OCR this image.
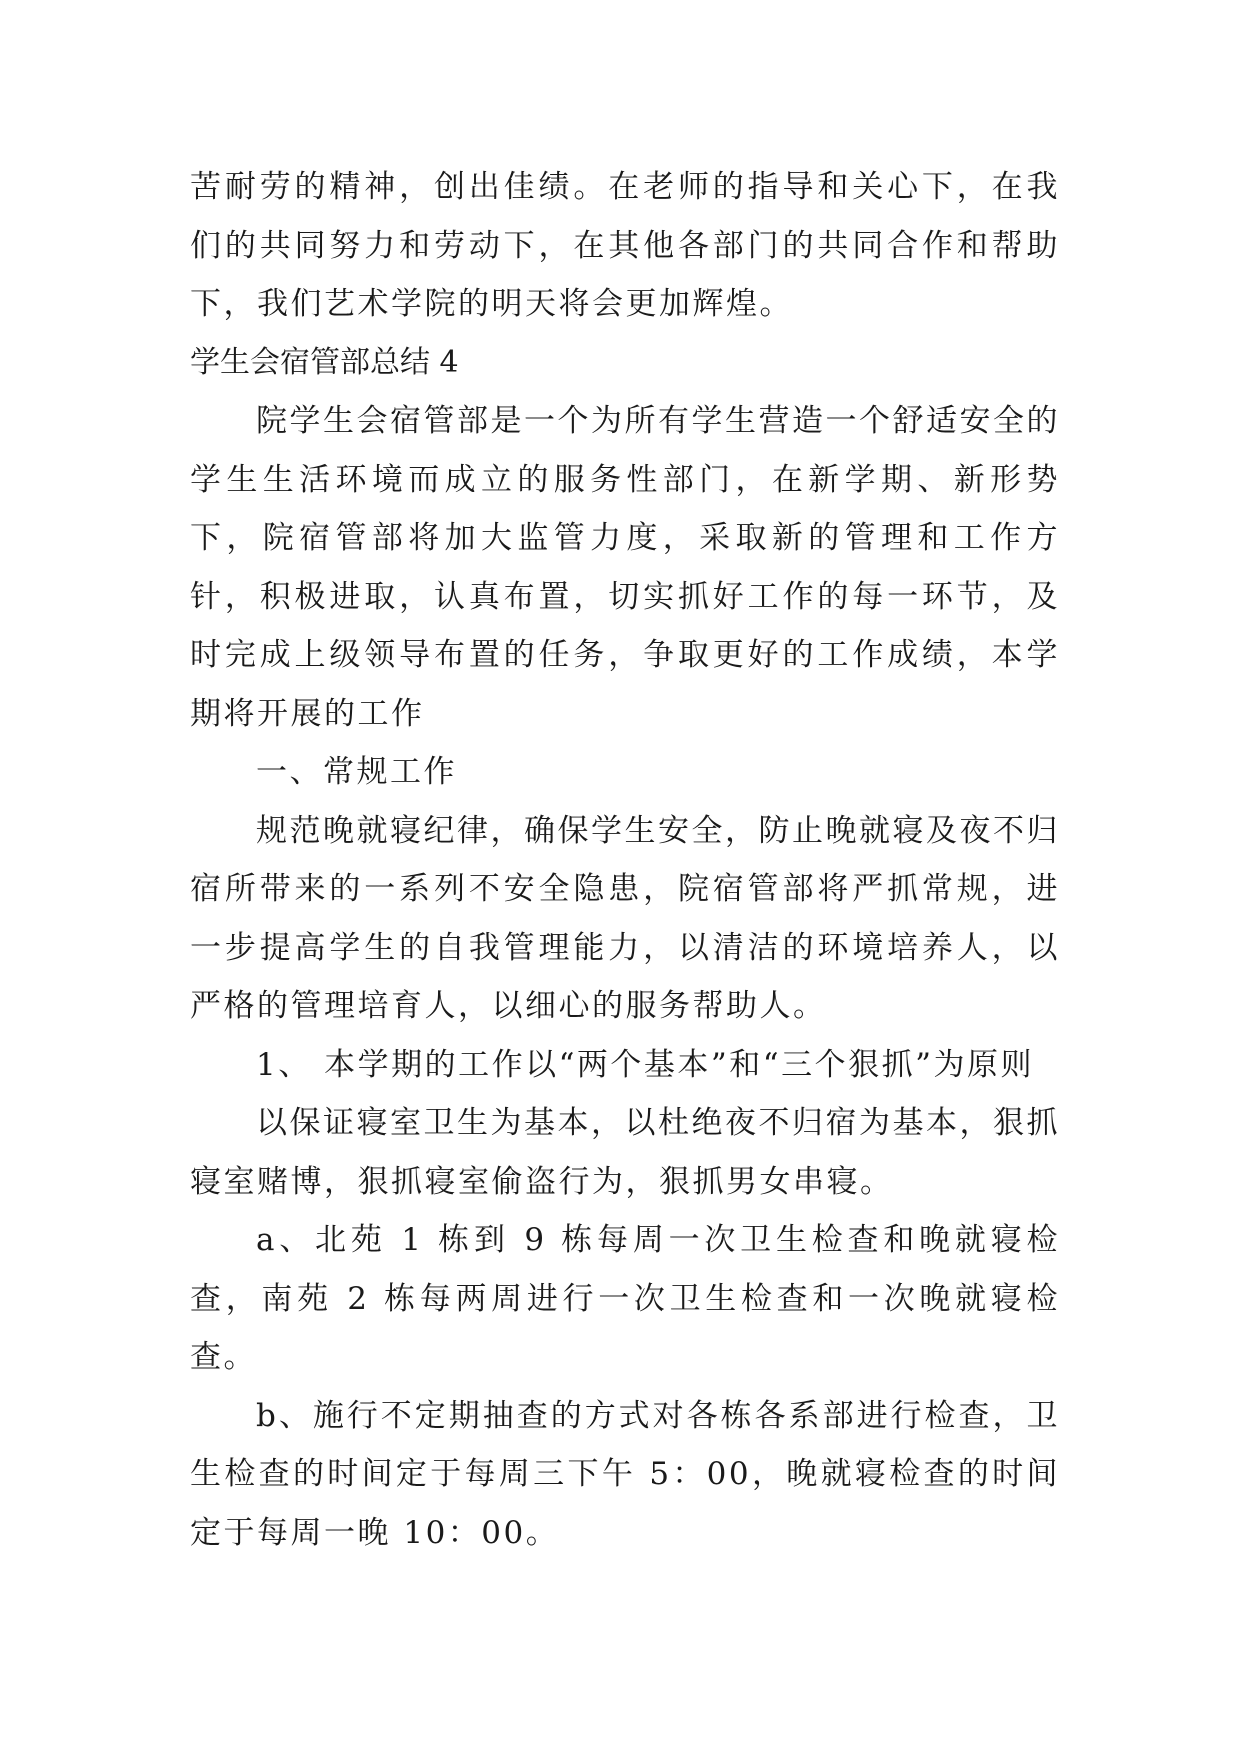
苦耐劳的精神，创出佳绩。在老师的指导和关心下，在我们的共同努力和劳动下，在其他各部门的共同合作和帮助下，我们艺术学院的明天将会更加辉煌。

学生会宿管部总结 4

院学生会宿管部是一个为所有学生营造一个舒适安全的学生生活环境而成立的服务性部门，在新学期、新形势下，院宿管部将加大监管力度，采取新的管理和工作方针，积极进取，认真布置，切实抓好工作的每一环节，及时完成上级领导布置的任务，争取更好的工作成绩，本学期将开展的工作

一、常规工作

规范晚就寝纪律，确保学生安全，防止晚就寝及夜不归宿所带来的一系列不安全隐患，院宿管部将严抓常规，进一步提高学生的自我管理能力，以清洁的环境培养人，以严格的管理培育人，以细心的服务帮助人。

1、 本学期的工作以“两个基本”和“三个狠抓”为原则

以保证寝室卫生为基本，以杜绝夜不归宿为基本，狠抓寝室赌博，狠抓寝室偷盗行为，狠抓男女串寝。

a、北苑 1 栋到 9 栋每周一次卫生检查和晚就寝检查，南苑 2 栋每两周进行一次卫生检查和一次晚就寝检查。

b、施行不定期抽查的方式对各栋各系部进行检查，卫生检查的时间定于每周三下午 5：00，晚就寝检查的时间定于每周一晚 10：00。
